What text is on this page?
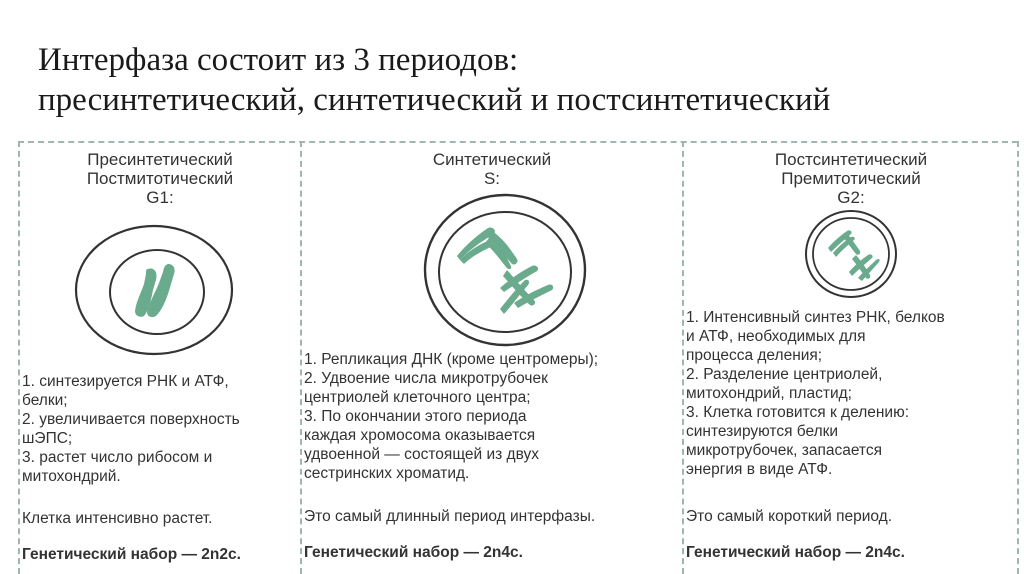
Интерфаза состоит из 3 периодов:
пресинтетический, синтетический и постсинтетический
Пресинтетический
Постмитотический
G1:
1. синтезируется РНК и АТФ,
белки;
2. увеличивается поверхность
шЭПС;
3. растет число рибосом и
митохондрий.
Клетка интенсивно растет.
Генетический набор — 2n2с.
Синтетический
S:
1. Репликация ДНК (кроме центромеры);
2. Удвоение числа микротрубочек
центриолей клеточного центра;
3. По окончании этого периода
каждая хромосома оказывается
удвоенной — состоящей из двух
сестринских хроматид.
Это самый длинный период интерфазы.
Генетический набор — 2n4с.
Постсинтетический
Премитотический
G2:
1. Интенсивный синтез РНК, белков
и АТФ, необходимых для
процесса деления;
2. Разделение центриолей,
митохондрий, пластид;
3. Клетка готовится к делению:
синтезируются белки
микротрубочек, запасается
энергия в виде АТФ.
Это самый короткий период.
Генетический набор — 2n4с.
